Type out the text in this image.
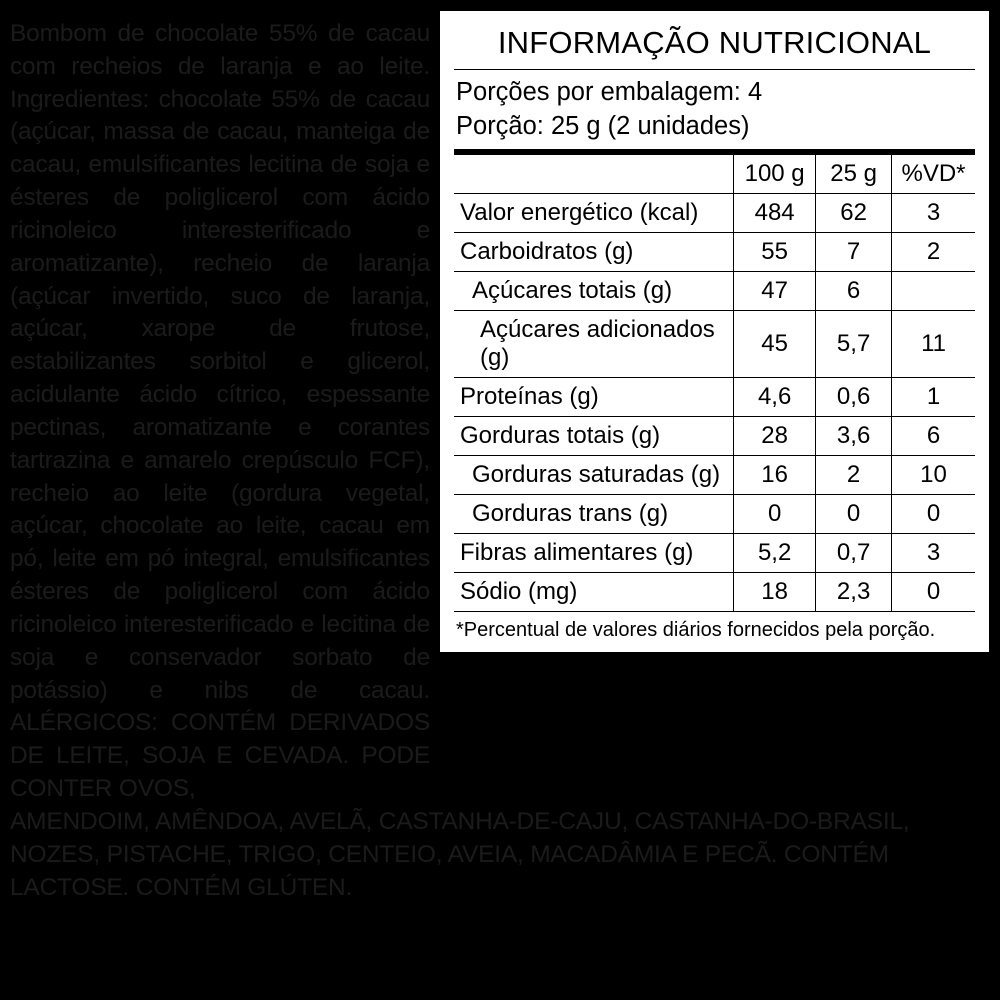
Bombom de chocolate 55% de cacau com recheios de laranja e ao leite. Ingredientes: chocolate 55% de cacau (açúcar, massa de cacau, manteiga de cacau, emulsificantes lecitina de soja e ésteres de poliglicerol com ácido ricinoleico interesterificado e aromatizante), recheio de laranja (açúcar invertido, suco de laranja, açúcar, xarope de frutose, estabilizantes sorbitol e glicerol, acidulante ácido cítrico, espessante pectinas, aromatizante e corantes tartrazina e amarelo crepúsculo FCF), recheio ao leite (gordura vegetal, açúcar, chocolate ao leite, cacau em pó, leite em pó integral, emulsificantes ésteres de poliglicerol com ácido ricinoleico interesterificado e lecitina de soja e conservador sorbato de potássio) e nibs de cacau. ALÉRGICOS: CONTÉM DERIVADOS DE LEITE, SOJA E CEVADA. PODE CONTER OVOS,
AMENDOIM, AMÊNDOA, AVELÃ, CASTANHA-DE-CAJU, CASTANHA-DO-BRASIL, NOZES, PISTACHE, TRIGO, CENTEIO, AVEIA, MACADÂMIA E PECÃ. CONTÉM LACTOSE. CONTÉM GLÚTEN.
INFORMAÇÃO NUTRICIONAL
Porções por embalagem: 4
Porção: 25 g (2 unidades)
	100 g	25 g	%VD*
Valor energético (kcal)	484	62	3
Carboidratos (g)	55	7	2
Açúcares totais (g)	47	6	
Açúcares adicionados (g)	45	5,7	11
Proteínas (g)	4,6	0,6	1
Gorduras totais (g)	28	3,6	6
Gorduras saturadas (g)	16	2	10
Gorduras trans (g)	0	0	0
Fibras alimentares (g)	5,2	0,7	3
Sódio (mg)	18	2,3	0
*Percentual de valores diários fornecidos pela porção.
